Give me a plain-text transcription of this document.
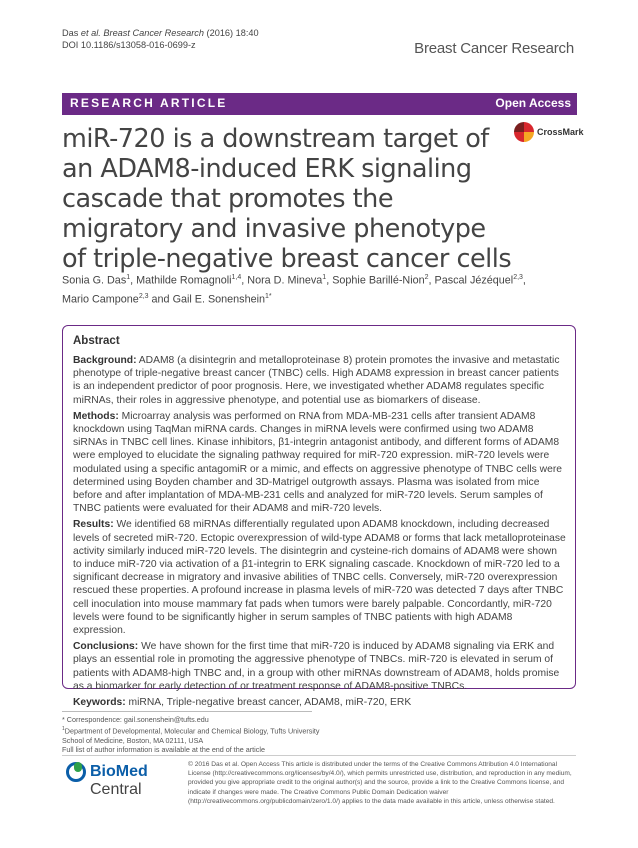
Das et al. Breast Cancer Research (2016) 18:40
DOI 10.1186/s13058-016-0699-z	Breast Cancer Research
RESEARCH ARTICLE	Open Access
miR-720 is a downstream target of an ADAM8-induced ERK signaling cascade that promotes the migratory and invasive phenotype of triple-negative breast cancer cells
CrossMark
Sonia G. Das$^1$, Mathilde Romagnoli$^{1,4}$, Nora D. Mineva$^1$, Sophie Barillé-Nion$^2$, Pascal Jézéquel$^{2,3}$,
Mario Campone$^{2,3}$ and Gail E. Sonenshein$^{1*}$
Abstract

Background: ADAM8 (a disintegrin and metalloproteinase 8) protein promotes the invasive and metastatic phenotype of triple-negative breast cancer (TNBC) cells. High ADAM8 expression in breast cancer patients is an independent predictor of poor prognosis. Here, we investigated whether ADAM8 regulates specific miRNAs, their roles in aggressive phenotype, and potential use as biomarkers of disease.

Methods: Microarray analysis was performed on RNA from MDA-MB-231 cells after transient ADAM8 knockdown using TaqMan miRNA cards. Changes in miRNA levels were confirmed using two ADAM8 siRNAs in TNBC cell lines. Kinase inhibitors, β1-integrin antagonist antibody, and different forms of ADAM8 were employed to elucidate the signaling pathway required for miR-720 expression. miR-720 levels were modulated using a specific antagomiR or a mimic, and effects on aggressive phenotype of TNBC cells were determined using Boyden chamber and 3D-Matrigel outgrowth assays. Plasma was isolated from mice before and after implantation of MDA-MB-231 cells and analyzed for miR-720 levels. Serum samples of TNBC patients were evaluated for their ADAM8 and miR-720 levels.

Results: We identified 68 miRNAs differentially regulated upon ADAM8 knockdown, including decreased levels of secreted miR-720. Ectopic overexpression of wild-type ADAM8 or forms that lack metalloproteinase activity similarly induced miR-720 levels. The disintegrin and cysteine-rich domains of ADAM8 were shown to induce miR-720 via activation of a β1-integrin to ERK signaling cascade. Knockdown of miR-720 led to a significant decrease in migratory and invasive abilities of TNBC cells. Conversely, miR-720 overexpression rescued these properties. A profound increase in plasma levels of miR-720 was detected 7 days after TNBC cell inoculation into mouse mammary fat pads when tumors were barely palpable. Concordantly, miR-720 levels were found to be significantly higher in serum samples of TNBC patients with high ADAM8 expression.

Conclusions: We have shown for the first time that miR-720 is induced by ADAM8 signaling via ERK and plays an essential role in promoting the aggressive phenotype of TNBCs. miR-720 is elevated in serum of patients with ADAM8-high TNBC and, in a group with other miRNAs downstream of ADAM8, holds promise as a biomarker for early detection of or treatment response of ADAM8-positive TNBCs.

Keywords: miRNA, Triple-negative breast cancer, ADAM8, miR-720, ERK

* Correspondence: gail.sonenshein@tufts.edu
$^1$Department of Developmental, Molecular and Chemical Biology, Tufts University School of Medicine, Boston, MA 02111, USA
Full list of author information is available at the end of the article
BioMed Central
© 2016 Das et al. Open Access This article is distributed under the terms of the Creative Commons Attribution 4.0 International License (http://creativecommons.org/licenses/by/4.0/), which permits unrestricted use, distribution, and reproduction in any medium, provided you give appropriate credit to the original author(s) and the source, provide a link to the Creative Commons license, and indicate if changes were made. The Creative Commons Public Domain Dedication waiver (http://creativecommons.org/publicdomain/zero/1.0/) applies to the data made available in this article, unless otherwise stated.
